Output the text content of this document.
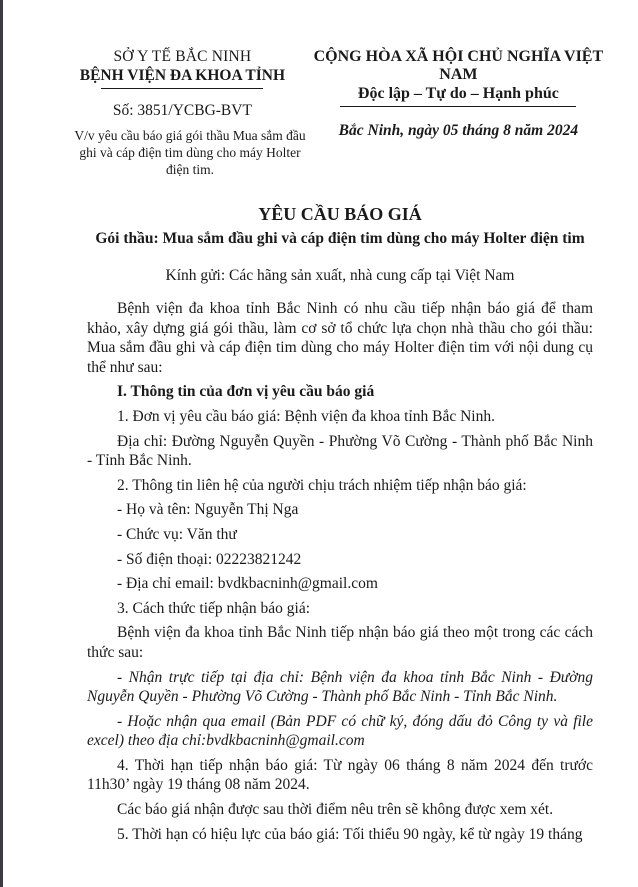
SỞ Y TẾ BẮC NINH
BỆNH VIỆN ĐA KHOA TỈNH
Số: 3851/YCBG-BVT
V/v yêu cầu báo giá gói thầu Mua sắm đầu ghi và cáp điện tim dùng cho máy Holter điện tim.
CỘNG HÒA XÃ HỘI CHỦ NGHĨA VIỆT NAM
Độc lập – Tự do – Hạnh phúc
Bắc Ninh, ngày 05 tháng 8 năm 2024
YÊU CẦU BÁO GIÁ
Gói thầu: Mua sắm đầu ghi và cáp điện tim dùng cho máy Holter điện tim
Kính gửi: Các hãng sản xuất, nhà cung cấp tại Việt Nam

Bệnh viện đa khoa tỉnh Bắc Ninh có nhu cầu tiếp nhận báo giá để tham khảo, xây dựng giá gói thầu, làm cơ sở tổ chức lựa chọn nhà thầu cho gói thầu: Mua sắm đầu ghi và cáp điện tim dùng cho máy Holter điện tim với nội dung cụ thể như sau:

I. Thông tin của đơn vị yêu cầu báo giá

1. Đơn vị yêu cầu báo giá: Bệnh viện đa khoa tỉnh Bắc Ninh.

Địa chỉ: Đường Nguyễn Quyền - Phường Võ Cường - Thành phố Bắc Ninh - Tỉnh Bắc Ninh.

2. Thông tin liên hệ của người chịu trách nhiệm tiếp nhận báo giá:

- Họ và tên: Nguyễn Thị Nga

- Chức vụ: Văn thư

- Số điện thoại: 02223821242

- Địa chỉ email: bvdkbacninh@gmail.com

3. Cách thức tiếp nhận báo giá:

Bệnh viện đa khoa tỉnh Bắc Ninh tiếp nhận báo giá theo một trong các cách thức sau:

- Nhận trực tiếp tại địa chỉ: Bệnh viện đa khoa tỉnh Bắc Ninh - Đường Nguyễn Quyền - Phường Võ Cường - Thành phố Bắc Ninh - Tỉnh Bắc Ninh.

- Hoặc nhận qua email (Bản PDF có chữ ký, đóng dấu đỏ Công ty và file excel) theo địa chỉ:bvdkbacninh@gmail.com

4. Thời hạn tiếp nhận báo giá: Từ ngày 06 tháng 8 năm 2024 đến trước 11h30’ ngày 19 tháng 08 năm 2024.

Các báo giá nhận được sau thời điểm nêu trên sẽ không được xem xét.

5. Thời hạn có hiệu lực của báo giá: Tối thiểu 90 ngày, kể từ ngày 19 tháng
